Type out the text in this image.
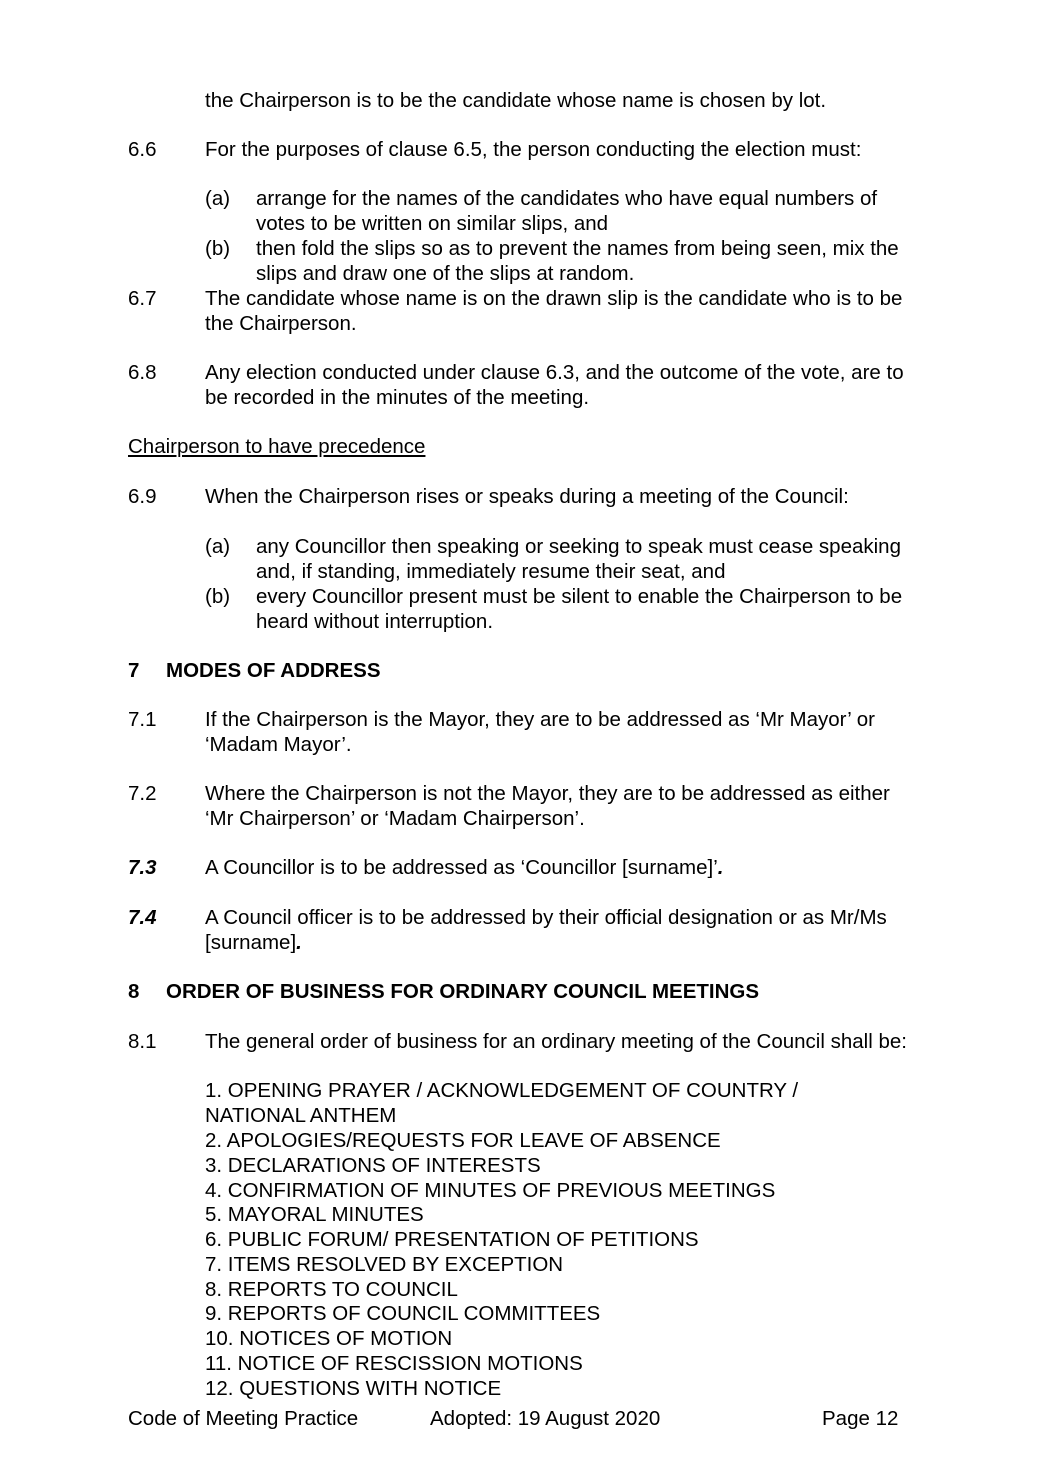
the Chairperson is to be the candidate whose name is chosen by lot.
6.6 For the purposes of clause 6.5, the person conducting the election must:
(a) arrange for the names of the candidates who have equal numbers of
votes to be written on similar slips, and
(b) then fold the slips so as to prevent the names from being seen, mix the
slips and draw one of the slips at random.
6.7 The candidate whose name is on the drawn slip is the candidate who is to be
the Chairperson.
6.8 Any election conducted under clause 6.3, and the outcome of the vote, are to
be recorded in the minutes of the meeting.
Chairperson to have precedence
6.9 When the Chairperson rises or speaks during a meeting of the Council:
(a) any Councillor then speaking or seeking to speak must cease speaking
and, if standing, immediately resume their seat, and
(b) every Councillor present must be silent to enable the Chairperson to be
heard without interruption.
7 MODES OF ADDRESS
7.1 If the Chairperson is the Mayor, they are to be addressed as ‘Mr Mayor’ or
‘Madam Mayor’.
7.2 Where the Chairperson is not the Mayor, they are to be addressed as either
‘Mr Chairperson’ or ‘Madam Chairperson’.
7.3 A Councillor is to be addressed as ‘Councillor [surname]’.
7.4 A Council officer is to be addressed by their official designation or as Mr/Ms
[surname].
8 ORDER OF BUSINESS FOR ORDINARY COUNCIL MEETINGS
8.1 The general order of business for an ordinary meeting of the Council shall be:
1. OPENING PRAYER / ACKNOWLEDGEMENT OF COUNTRY /
NATIONAL ANTHEM
2. APOLOGIES/REQUESTS FOR LEAVE OF ABSENCE
3. DECLARATIONS OF INTERESTS
4. CONFIRMATION OF MINUTES OF PREVIOUS MEETINGS
5. MAYORAL MINUTES
6. PUBLIC FORUM/ PRESENTATION OF PETITIONS
7. ITEMS RESOLVED BY EXCEPTION
8. REPORTS TO COUNCIL
9. REPORTS OF COUNCIL COMMITTEES
10. NOTICES OF MOTION
11. NOTICE OF RESCISSION MOTIONS
12. QUESTIONS WITH NOTICE
Code of Meeting Practice	Adopted: 19 August 2020	Page 12
